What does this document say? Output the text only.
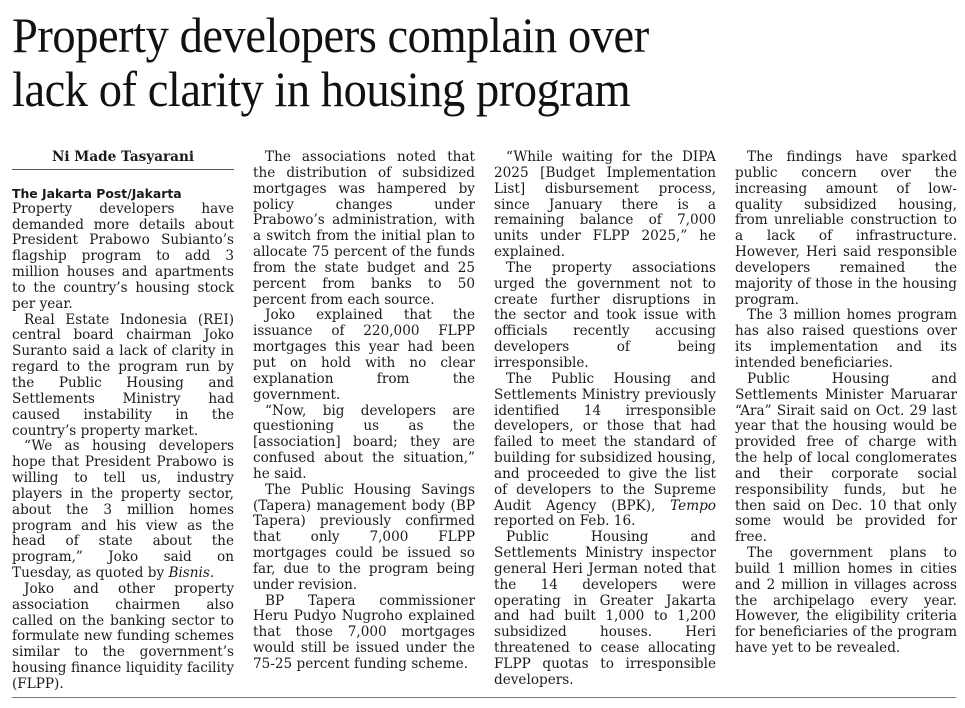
Property developers complain over
lack of clarity in housing program
Ni Made Tasyarani
The Jakarta Post/Jakarta

Property developers have demanded more details about President Prabowo Subianto’s flagship program to add 3 million houses and apartments to the country’s housing stock per year.

Real Estate Indonesia (REI) central board chairman Joko Suranto said a lack of clarity in regard to the program run by the Public Housing and Settlements Ministry had caused instability in the country’s property market.

“We as housing developers hope that President Prabowo is willing to tell us, industry players in the property sector, about the 3 million homes program and his view as the head of state about the program,” Joko said on Tuesday, as quoted by Bisnis.

Joko and other property association chairmen also called on the banking sector to formulate new funding schemes similar to the government’s housing finance liquidity facility (FLPP).

The associations noted that the distribution of subsidized mortgages was hampered by policy changes under Prabowo’s administration, with a switch from the initial plan to allocate 75 percent of the funds from the state budget and 25 percent from banks to 50 percent from each source.

Joko explained that the issuance of 220,000 FLPP mortgages this year had been put on hold with no clear explanation from the government.

“Now, big developers are questioning us as the [association] board; they are confused about the situation,” he said.

The Public Housing Savings (Tapera) management body (BP Tapera) previously confirmed that only 7,000 FLPP mortgages could be issued so far, due to the program being under revision.

BP Tapera commissioner Heru Pudyo Nugroho explained that those 7,000 mortgages would still be issued under the 75-25 percent funding scheme.

“While waiting for the DIPA 2025 [Budget Implementation List] disbursement process, since January there is a remaining balance of 7,000 units under FLPP 2025,” he explained.

The property associations urged the government not to create further disruptions in the sector and took issue with officials recently accusing developers of being irresponsible.

The Public Housing and Settlements Ministry previously identified 14 irresponsible developers, or those that had failed to meet the standard of building for subsidized housing, and proceeded to give the list of developers to the Supreme Audit Agency (BPK), Tempo reported on Feb. 16.

Public Housing and Settlements Ministry inspector general Heri Jerman noted that the 14 developers were operating in Greater Jakarta and had built 1,000 to 1,200 subsidized houses. Heri threatened to cease allocating FLPP quotas to irresponsible developers.

The findings have sparked public concern over the increasing amount of low-quality subsidized housing, from unreliable construction to a lack of infrastructure. However, Heri said responsible developers remained the majority of those in the housing program.

The 3 million homes program has also raised questions over its implementation and its intended beneficiaries.

Public Housing and Settlements Minister Maruarar “Ara” Sirait said on Oct. 29 last year that the housing would be provided free of charge with the help of local conglomerates and their corporate social responsibility funds, but he then said on Dec. 10 that only some would be provided for free.

The government plans to build 1 million homes in cities and 2 million in villages across the archipelago every year. However, the eligibility criteria for beneficiaries of the program have yet to be revealed.
